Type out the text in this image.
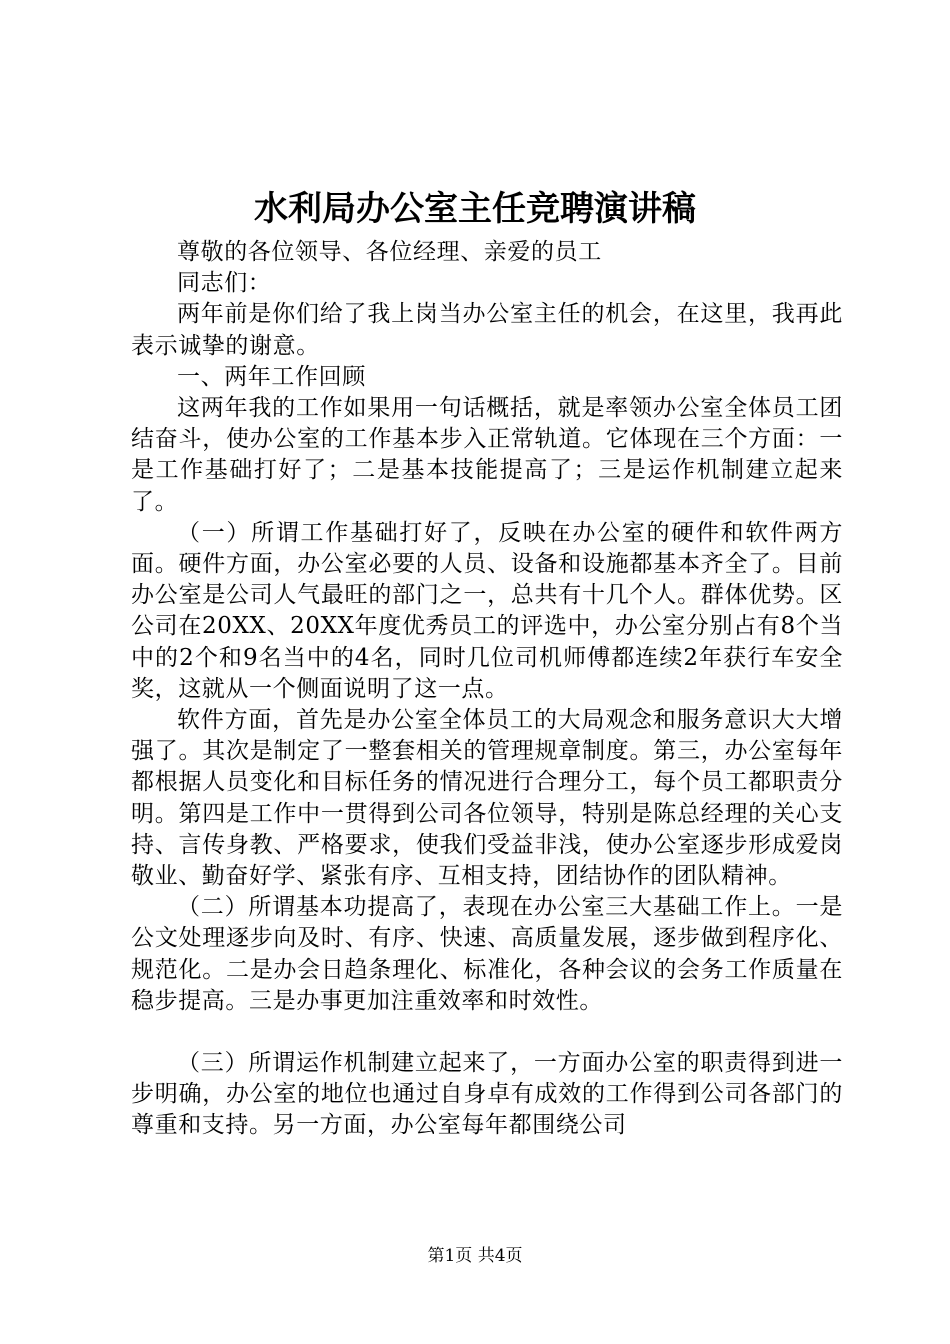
水利局办公室主任竞聘演讲稿

尊敬的各位领导、各位经理、亲爱的员工

同志们：

两年前是你们给了我上岗当办公室主任的机会，在这里，我再此表示诚挚的谢意。

一、两年工作回顾

这两年我的工作如果用一句话概括，就是率领办公室全体员工团结奋斗，使办公室的工作基本步入正常轨道。它体现在三个方面：一是工作基础打好了；二是基本技能提高了；三是运作机制建立起来了。

（一）所谓工作基础打好了，反映在办公室的硬件和软件两方面。硬件方面，办公室必要的人员、设备和设施都基本齐全了。目前办公室是公司人气最旺的部门之一，总共有十几个人。群体优势。区公司在20XX、20XX年度优秀员工的评选中，办公室分别占有8个当中的2个和9名当中的4名，同时几位司机师傅都连续2年获行车安全奖，这就从一个侧面说明了这一点。

软件方面，首先是办公室全体员工的大局观念和服务意识大大增强了。其次是制定了一整套相关的管理规章制度。第三，办公室每年都根据人员变化和目标任务的情况进行合理分工，每个员工都职责分明。第四是工作中一贯得到公司各位领导，特别是陈总经理的关心支持、言传身教、严格要求，使我们受益非浅，使办公室逐步形成爱岗敬业、勤奋好学、紧张有序、互相支持，团结协作的团队精神。

（二）所谓基本功提高了，表现在办公室三大基础工作上。一是公文处理逐步向及时、有序、快速、高质量发展，逐步做到程序化、规范化。二是办会日趋条理化、标准化，各种会议的会务工作质量在稳步提高。三是办事更加注重效率和时效性。

（三）所谓运作机制建立起来了，一方面办公室的职责得到进一步明确，办公室的地位也通过自身卓有成效的工作得到公司各部门的尊重和支持。另一方面，办公室每年都围绕公司

第1页 共4页
